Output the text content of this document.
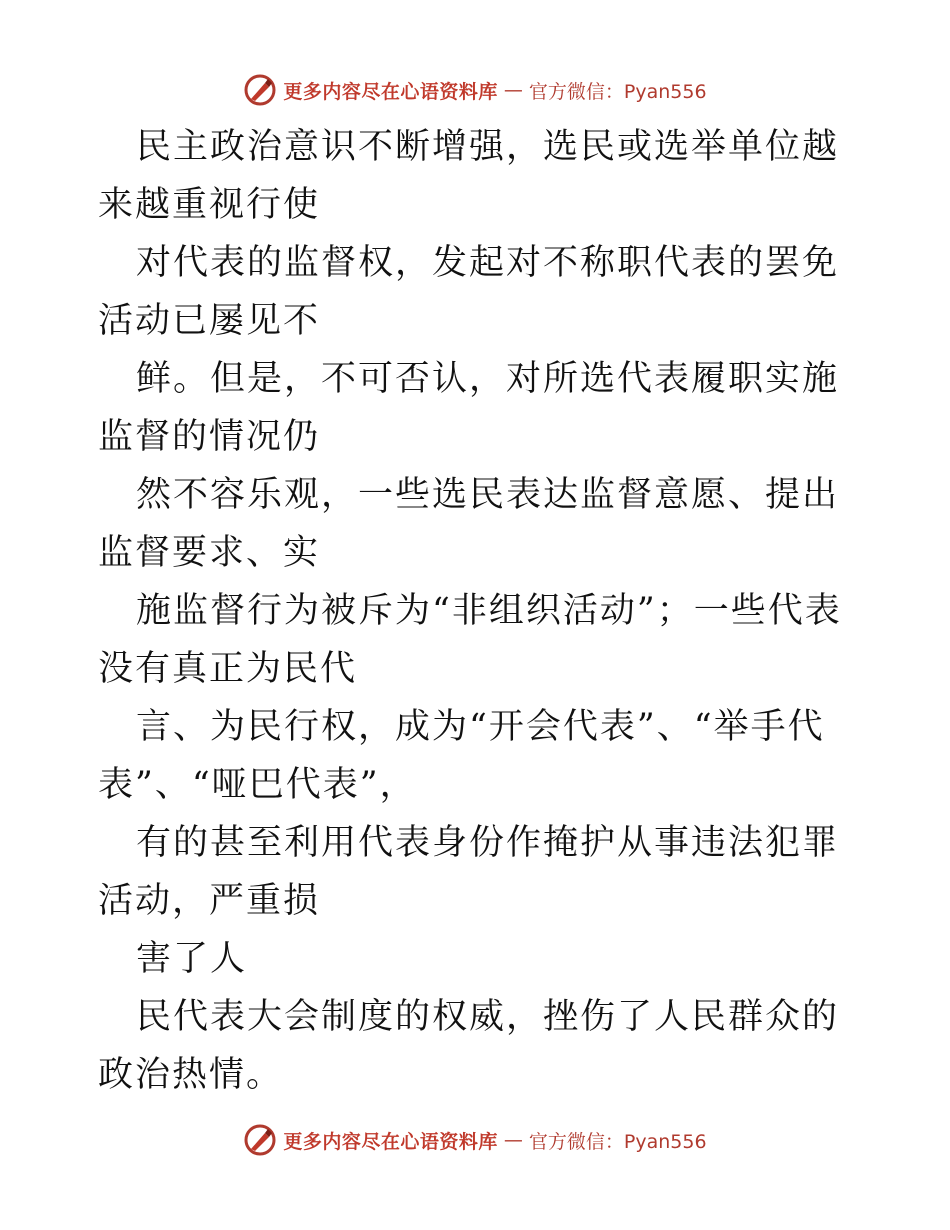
更多内容尽在心语资料库 — 官方微信：Pyan556

民主政治意识不断增强，选民或选举单位越来越重视行使

对代表的监督权，发起对不称职代表的罢免活动已屡见不

鲜。但是，不可否认，对所选代表履职实施监督的情况仍

然不容乐观，一些选民表达监督意愿、提出监督要求、实

施监督行为被斥为“非组织活动”；一些代表没有真正为民代

言、为民行权，成为“开会代表”、“举手代表”、“哑巴代表”，

有的甚至利用代表身份作掩护从事违法犯罪活动，严重损

害了人

民代表大会制度的权威，挫伤了人民群众的政治热情。

更多内容尽在心语资料库 — 官方微信：Pyan556
